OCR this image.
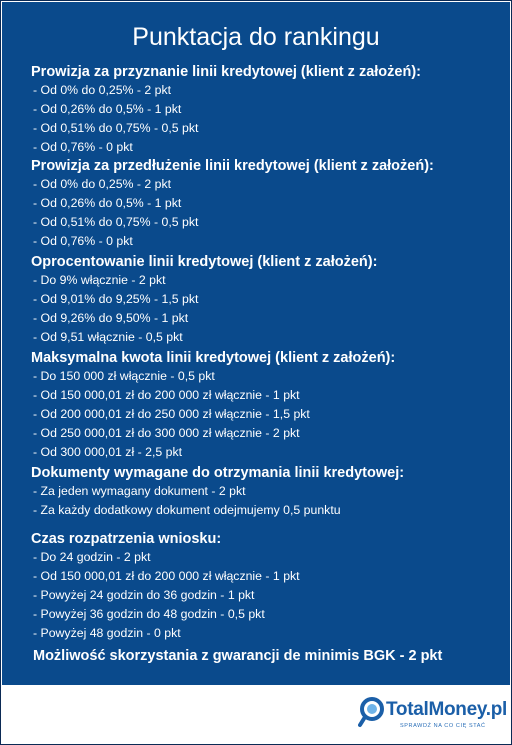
Punktacja do rankingu
Prowizja za przyznanie linii kredytowej (klient z założeń):
- Od 0% do 0,25% - 2 pkt
- Od 0,26% do 0,5% - 1 pkt
- Od 0,51% do 0,75% - 0,5 pkt
- Od 0,76% - 0 pkt
Prowizja za przedłużenie linii kredytowej (klient z założeń):
- Od 0% do 0,25% - 2 pkt
- Od 0,26% do 0,5% - 1 pkt
- Od 0,51% do 0,75% - 0,5 pkt
- Od 0,76% - 0 pkt
Oprocentowanie linii kredytowej (klient z założeń):
- Do 9% włącznie - 2 pkt
- Od 9,01% do 9,25% - 1,5 pkt
- Od 9,26% do 9,50% - 1 pkt
- Od 9,51 włącznie - 0,5 pkt
Maksymalna kwota linii kredytowej (klient z założeń):
- Do 150 000 zł włącznie - 0,5 pkt
- Od 150 000,01 zł do 200 000 zł włącznie - 1 pkt
- Od 200 000,01 zł do 250 000 zł włącznie - 1,5 pkt
- Od 250 000,01 zł do 300 000 zł włącznie - 2 pkt
- Od 300 000,01 zł - 2,5 pkt
Dokumenty wymagane do otrzymania linii kredytowej:
- Za jeden wymagany dokument - 2 pkt
- Za każdy dodatkowy dokument odejmujemy 0,5 punktu
Czas rozpatrzenia wniosku:
- Do 24 godzin - 2 pkt
- Od 150 000,01 zł do 200 000 zł włącznie - 1 pkt
- Powyżej 24 godzin do 36 godzin - 1 pkt
- Powyżej 36 godzin do 48 godzin - 0,5 pkt
- Powyżej 48 godzin - 0 pkt
Możliwość skorzystania z gwarancji de minimis BGK - 2 pkt
TotalMoney.pl
SPRAWDŹ NA CO CIĘ STAĆ
